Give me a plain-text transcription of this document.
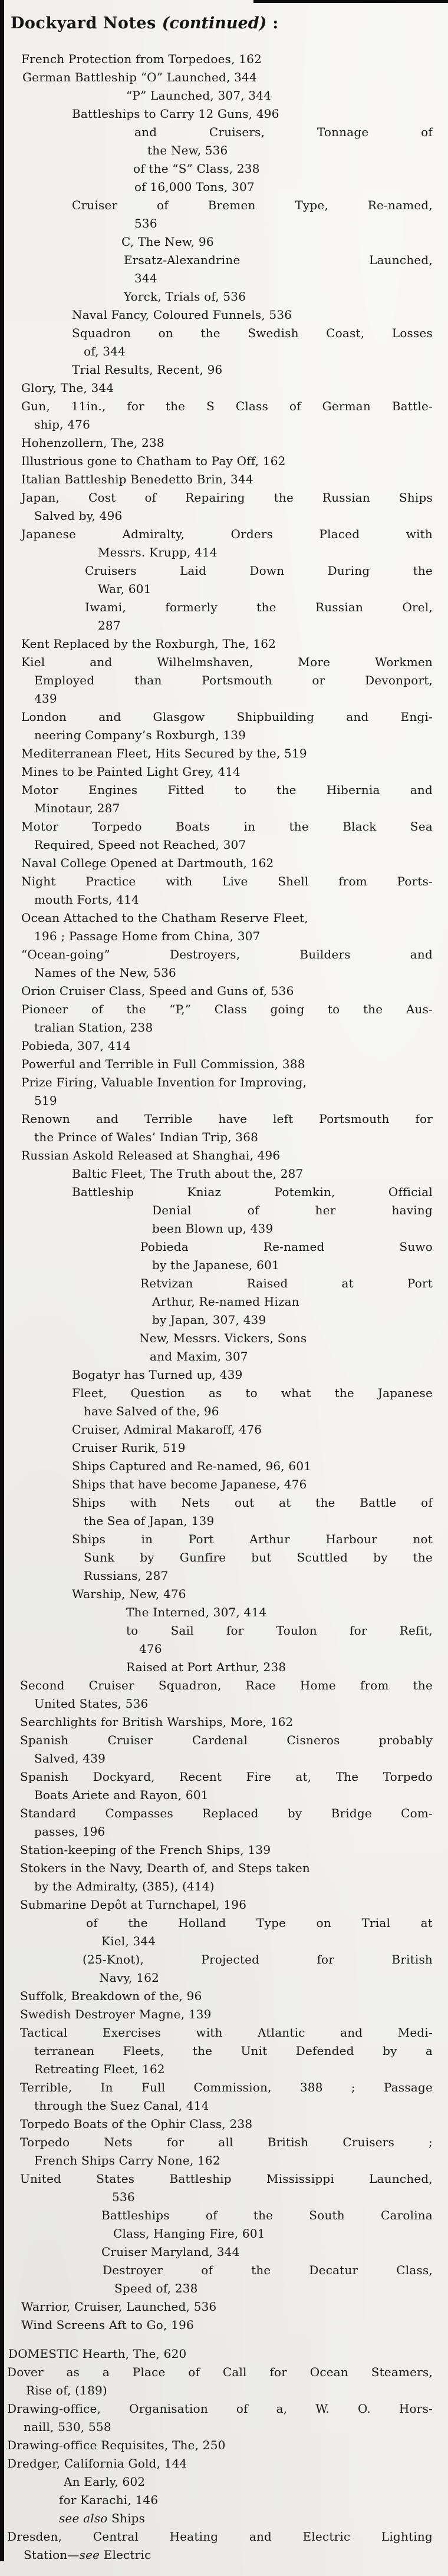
Dockyard Notes (continued) :
French Protection from Torpedoes, 162
German Battleship “O” Launched, 344
“P” Launched, 307, 344
Battleships to Carry 12 Guns, 496
and Cruisers, Tonnage of
the New, 536
of the “S” Class, 238
of 16,000 Tons, 307
Cruiser of Bremen Type, Re-named,
536
C, The New, 96
Ersatz-Alexandrine Launched,
344
Yorck, Trials of, 536
Naval Fancy, Coloured Funnels, 536
Squadron on the Swedish Coast, Losses
of, 344
Trial Results, Recent, 96
Glory, The, 344
Gun, 11in., for the S Class of German Battle-
ship, 476
Hohenzollern, The, 238
Illustrious gone to Chatham to Pay Off, 162
Italian Battleship Benedetto Brin, 344
Japan, Cost of Repairing the Russian Ships
Salved by, 496
Japanese Admiralty, Orders Placed with
Messrs. Krupp, 414
Cruisers Laid Down During the
War, 601
Iwami, formerly the Russian Orel,
287
Kent Replaced by the Roxburgh, The, 162
Kiel and Wilhelmshaven, More Workmen
Employed than Portsmouth or Devonport,
439
London and Glasgow Shipbuilding and Engi-
neering Company’s Roxburgh, 139
Mediterranean Fleet, Hits Secured by the, 519
Mines to be Painted Light Grey, 414
Motor Engines Fitted to the Hibernia and
Minotaur, 287
Motor Torpedo Boats in the Black Sea
Required, Speed not Reached, 307
Naval College Opened at Dartmouth, 162
Night Practice with Live Shell from Ports-
mouth Forts, 414
Ocean Attached to the Chatham Reserve Fleet,
196 ; Passage Home from China, 307
“Ocean-going” Destroyers, Builders and
Names of the New, 536
Orion Cruiser Class, Speed and Guns of, 536
Pioneer of the “P,” Class going to the Aus-
tralian Station, 238
Pobieda, 307, 414
Powerful and Terrible in Full Commission, 388
Prize Firing, Valuable Invention for Improving,
519
Renown and Terrible have left Portsmouth for
the Prince of Wales’ Indian Trip, 368
Russian Askold Released at Shanghai, 496
Baltic Fleet, The Truth about the, 287
Battleship Kniaz Potemkin, Official
Denial of her having
been Blown up, 439
Pobieda Re-named Suwo
by the Japanese, 601
Retvizan Raised at Port
Arthur, Re-named Hizan
by Japan, 307, 439
New, Messrs. Vickers, Sons
and Maxim, 307
Bogatyr has Turned up, 439
Fleet, Question as to what the Japanese
have Salved of the, 96
Cruiser, Admiral Makaroff, 476
Cruiser Rurik, 519
Ships Captured and Re-named, 96, 601
Ships that have become Japanese, 476
Ships with Nets out at the Battle of
the Sea of Japan, 139
Ships in Port Arthur Harbour not
Sunk by Gunfire but Scuttled by the
Russians, 287
Warship, New, 476
The Interned, 307, 414
to Sail for Toulon for Refit,
476
Raised at Port Arthur, 238
Second Cruiser Squadron, Race Home from the
United States, 536
Searchlights for British Warships, More, 162
Spanish Cruiser Cardenal Cisneros probably
Salved, 439
Spanish Dockyard, Recent Fire at, The Torpedo
Boats Ariete and Rayon, 601
Standard Compasses Replaced by Bridge Com-
passes, 196
Station-keeping of the French Ships, 139
Stokers in the Navy, Dearth of, and Steps taken
by the Admiralty, (385), (414)
Submarine Depôt at Turnchapel, 196
of the Holland Type on Trial at
Kiel, 344
(25-Knot), Projected for British
Navy, 162
Suffolk, Breakdown of the, 96
Swedish Destroyer Magne, 139
Tactical Exercises with Atlantic and Medi-
terranean Fleets, the Unit Defended by a
Retreating Fleet, 162
Terrible, In Full Commission, 388 ; Passage
through the Suez Canal, 414
Torpedo Boats of the Ophir Class, 238
Torpedo Nets for all British Cruisers ;
French Ships Carry None, 162
United States Battleship Mississippi Launched,
536
Battleships of the South Carolina
Class, Hanging Fire, 601
Cruiser Maryland, 344
Destroyer of the Decatur Class,
Speed of, 238
Warrior, Cruiser, Launched, 536
Wind Screens Aft to Go, 196
DOMESTIC Hearth, The, 620
Dover as a Place of Call for Ocean Steamers,
Rise of, (189)
Drawing-office, Organisation of a, W. O. Hors-
naill, 530, 558
Drawing-office Requisites, The, 250
Dredger, California Gold, 144
An Early, 602
for Karachi, 146
see also Ships
Dresden, Central Heating and Electric Lighting
Station—see Electric
